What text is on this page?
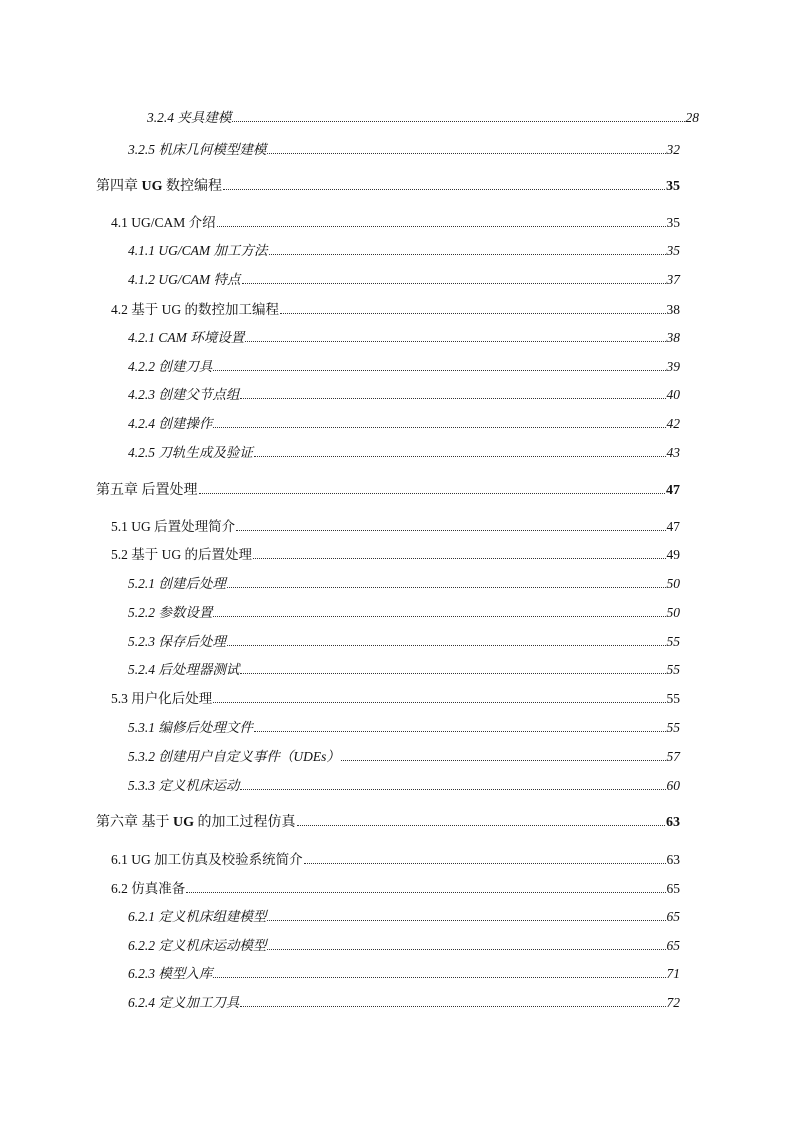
3.2.4 夹具建模	28
3.2.5 机床几何模型建模	32
第四章 UG 数控编程	35
4.1 UG/CAM 介绍	35
4.1.1 UG/CAM 加工方法	35
4.1.2 UG/CAM 特点	37
4.2 基于 UG 的数控加工编程	38
4.2.1 CAM 环境设置	38
4.2.2 创建刀具	39
4.2.3 创建父节点组	40
4.2.4 创建操作	42
4.2.5 刀轨生成及验证	43
第五章 后置处理	47
5.1 UG 后置处理简介	47
5.2 基于 UG 的后置处理	49
5.2.1 创建后处理	50
5.2.2 参数设置	50
5.2.3 保存后处理	55
5.2.4 后处理器测试	55
5.3 用户化后处理	55
5.3.1 编修后处理文件	55
5.3.2 创建用户自定义事件（UDEs）	57
5.3.3 定义机床运动	60
第六章 基于 UG 的加工过程仿真	63
6.1 UG 加工仿真及校验系统简介	63
6.2 仿真准备	65
6.2.1 定义机床组建模型	65
6.2.2 定义机床运动模型	65
6.2.3 模型入库	71
6.2.4 定义加工刀具	72
